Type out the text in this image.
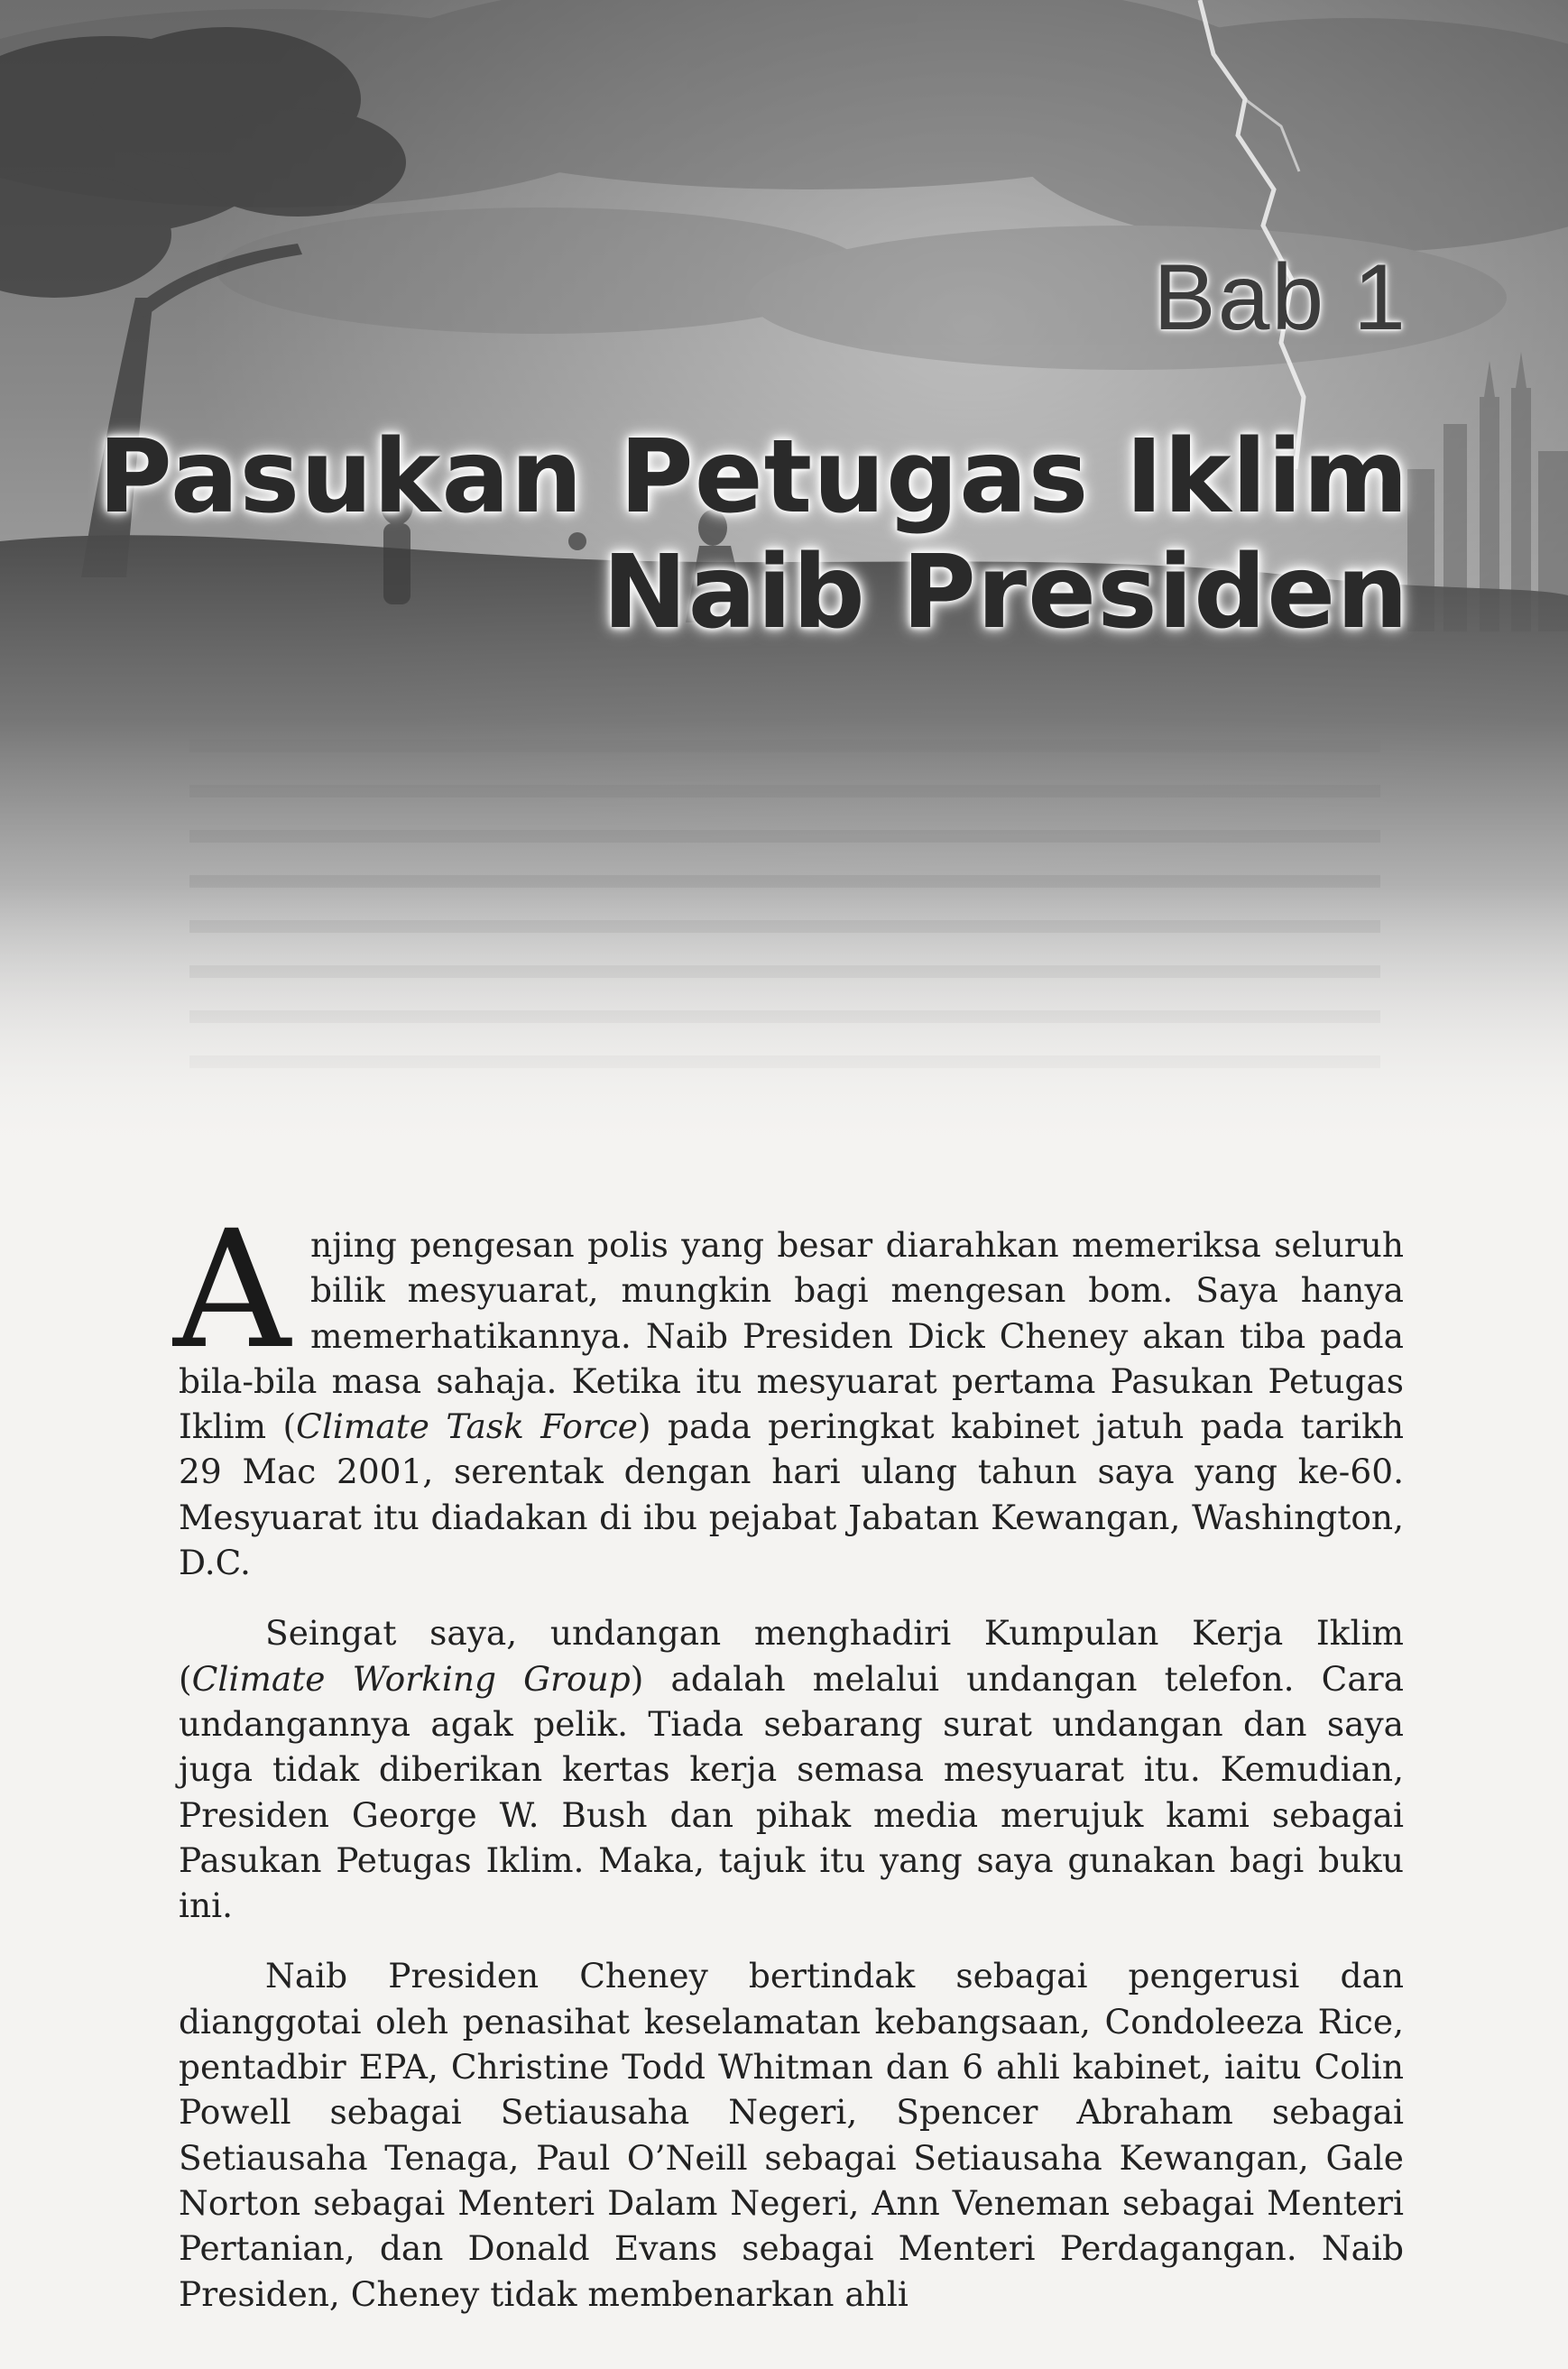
Bab 1
Pasukan Petugas Iklim
Naib Presiden

Anjing pengesan polis yang besar diarahkan memeriksa seluruh bilik mesyuarat, mungkin bagi mengesan bom. Saya hanya memerhatikannya. Naib Presiden Dick Cheney akan tiba pada bila-bila masa sahaja. Ketika itu mesyuarat pertama Pasukan Petugas Iklim (Climate Task Force) pada peringkat kabinet jatuh pada tarikh 29 Mac 2001, serentak dengan hari ulang tahun saya yang ke-60. Mesyuarat itu diadakan di ibu pejabat Jabatan Kewangan, Washington, D.C.

Seingat saya, undangan menghadiri Kumpulan Kerja Iklim (Climate Working Group) adalah melalui undangan telefon. Cara undangannya agak pelik. Tiada sebarang surat undangan dan saya juga tidak diberikan kertas kerja semasa mesyuarat itu. Kemudian, Presiden George W. Bush dan pihak media merujuk kami sebagai Pasukan Petugas Iklim. Maka, tajuk itu yang saya gunakan bagi buku ini.

Naib Presiden Cheney bertindak sebagai pengerusi dan dianggotai oleh penasihat keselamatan kebangsaan, Condoleeza Rice, pentadbir EPA, Christine Todd Whitman dan 6 ahli kabinet, iaitu Colin Powell sebagai Setiausaha Negeri, Spencer Abraham sebagai Setiausaha Tenaga, Paul O’Neill sebagai Setiausaha Kewangan, Gale Norton sebagai Menteri Dalam Negeri, Ann Veneman sebagai Menteri Pertanian, dan Donald Evans sebagai Menteri Perdagangan. Naib Presiden, Cheney tidak membenarkan ahli
